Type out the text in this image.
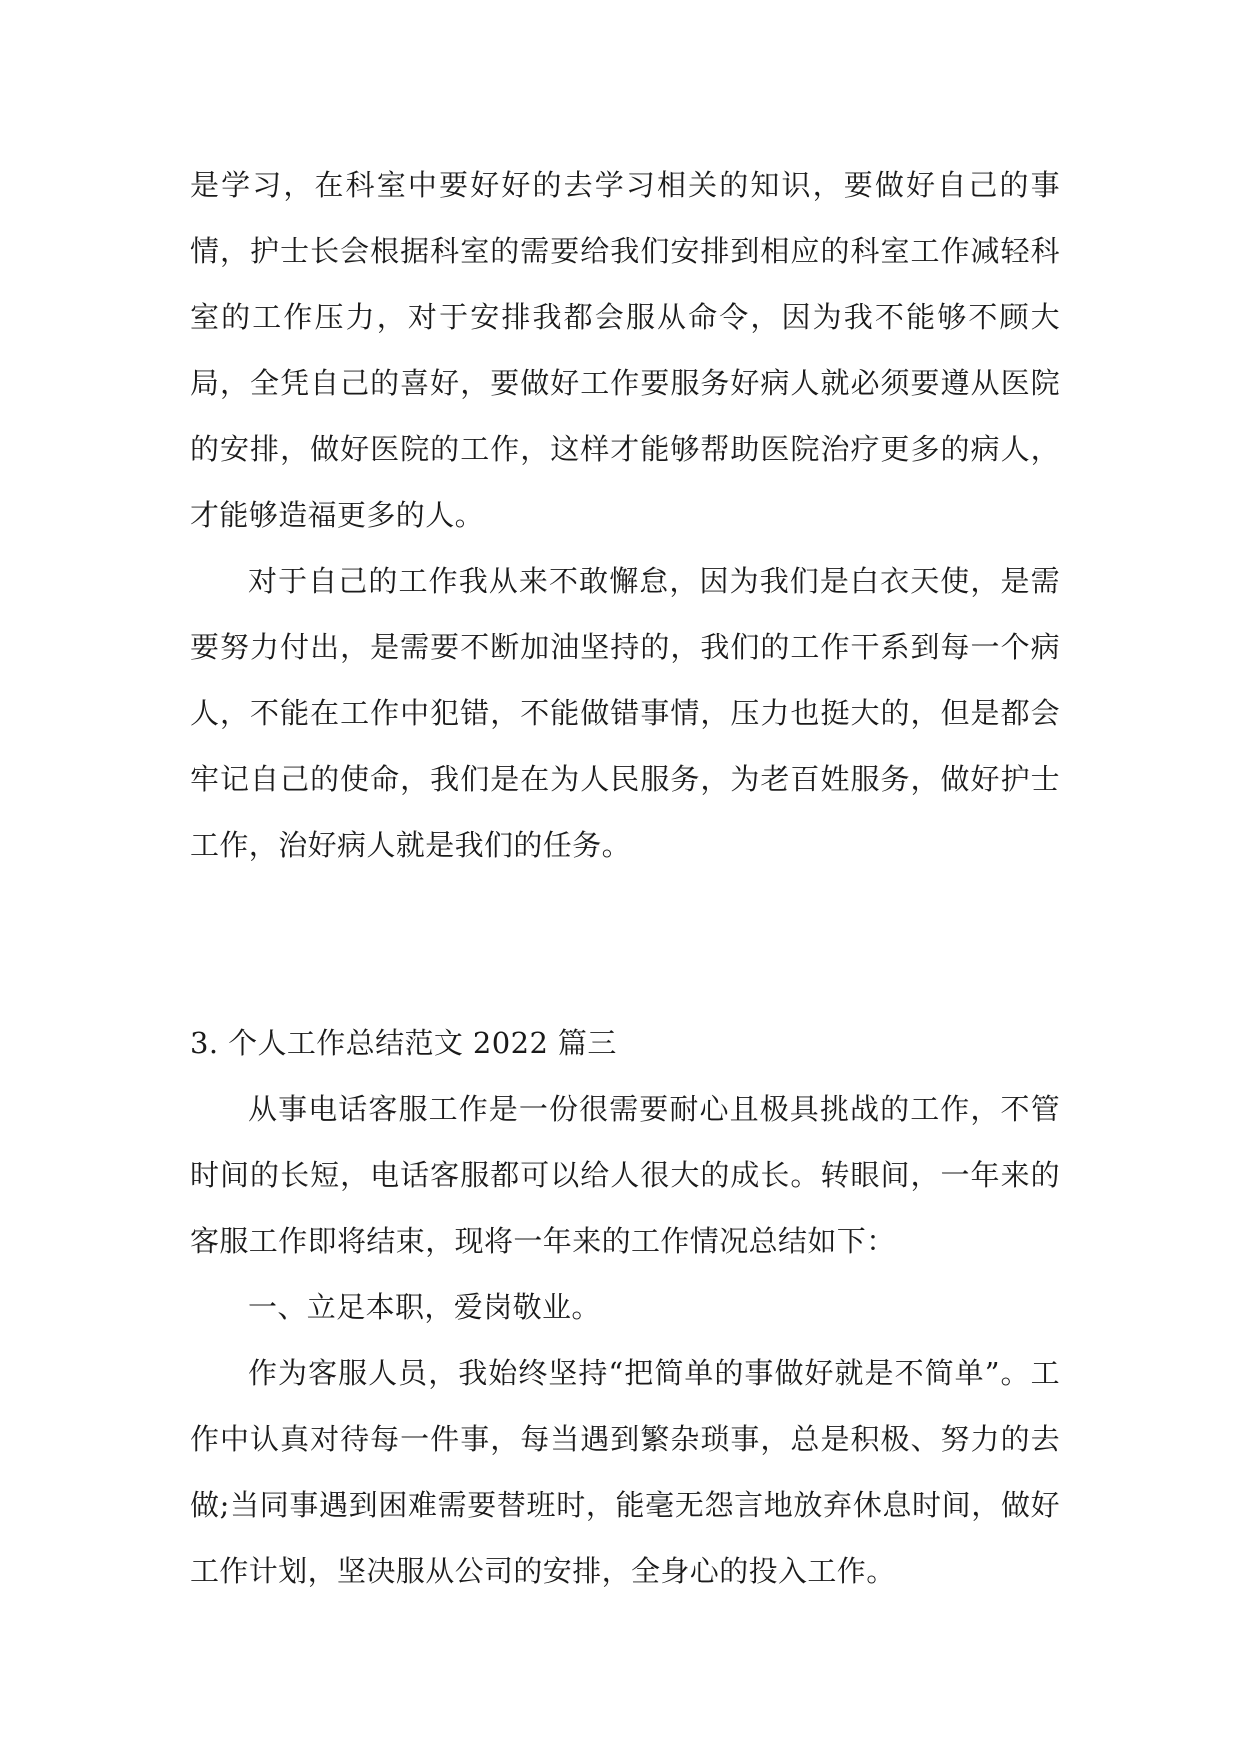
是学习，在科室中要好好的去学习相关的知识，要做好自己的事情，护士长会根据科室的需要给我们安排到相应的科室工作减轻科室的工作压力，对于安排我都会服从命令，因为我不能够不顾大局，全凭自己的喜好，要做好工作要服务好病人就必须要遵从医院的安排，做好医院的工作，这样才能够帮助医院治疗更多的病人，才能够造福更多的人。

对于自己的工作我从来不敢懈怠，因为我们是白衣天使，是需要努力付出，是需要不断加油坚持的，我们的工作干系到每一个病人，不能在工作中犯错，不能做错事情，压力也挺大的，但是都会牢记自己的使命，我们是在为人民服务，为老百姓服务，做好护士工作，治好病人就是我们的任务。

3. 个人工作总结范文 2022 篇三

从事电话客服工作是一份很需要耐心且极具挑战的工作，不管时间的长短，电话客服都可以给人很大的成长。转眼间，一年来的客服工作即将结束，现将一年来的工作情况总结如下：

一、立足本职，爱岗敬业。

作为客服人员，我始终坚持“把简单的事做好就是不简单”。工作中认真对待每一件事，每当遇到繁杂琐事，总是积极、努力的去做;当同事遇到困难需要替班时，能毫无怨言地放弃休息时间，做好工作计划，坚决服从公司的安排，全身心的投入工作。
